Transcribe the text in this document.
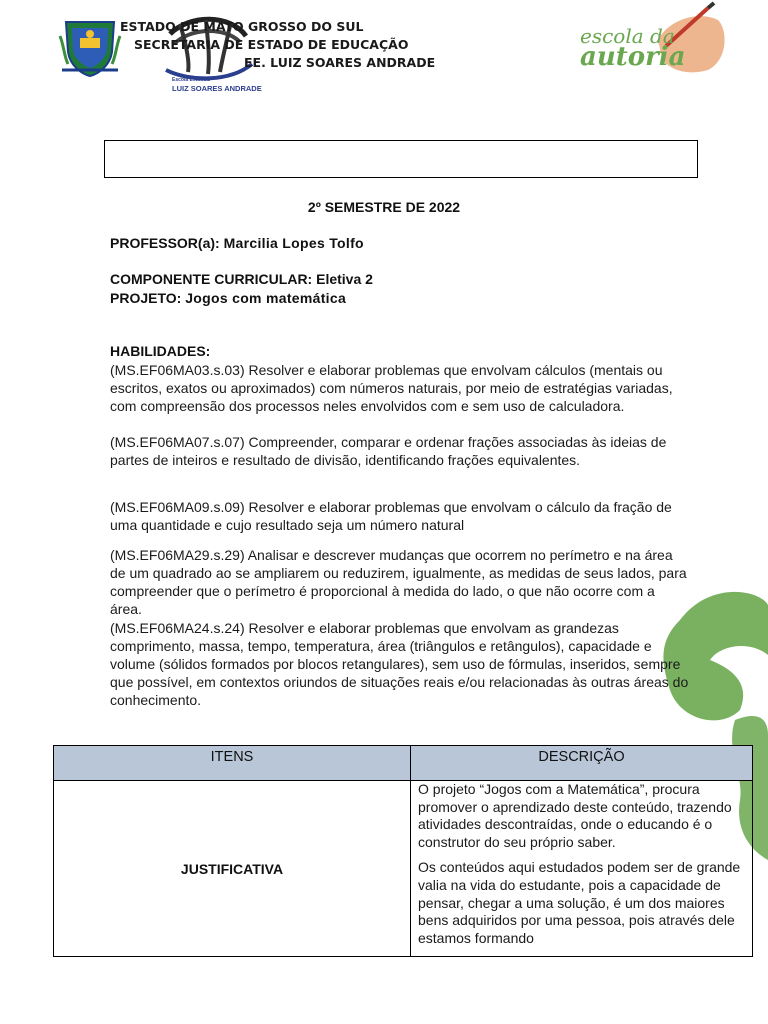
Escola Estadual
LUIZ SOARES ANDRADE
ESTADO DE MATO GROSSO DO SUL
SECRETARIA DE ESTADO DE EDUCAÇÃO
EE. LUIZ SOARES ANDRADE
escola da
autoria
2º SEMESTRE DE 2022
PROFESSOR(a): Marcilia Lopes Tolfo
COMPONENTE CURRICULAR: Eletiva 2
PROJETO: Jogos com matemática
HABILIDADES:
(MS.EF06MA03.s.03) Resolver e elaborar problemas que envolvam cálculos (mentais ou escritos, exatos ou aproximados) com números naturais, por meio de estratégias variadas, com compreensão dos processos neles envolvidos com e sem uso de calculadora.
(MS.EF06MA07.s.07) Compreender, comparar e ordenar frações associadas às ideias de partes de inteiros e resultado de divisão, identificando frações equivalentes.
(MS.EF06MA09.s.09) Resolver e elaborar problemas que envolvam o cálculo da fração de uma quantidade e cujo resultado seja um número natural
(MS.EF06MA29.s.29) Analisar e descrever mudanças que ocorrem no perímetro e na área de um quadrado ao se ampliarem ou reduzirem, igualmente, as medidas de seus lados, para compreender que o perímetro é proporcional à medida do lado, o que não ocorre com a área.
(MS.EF06MA24.s.24) Resolver e elaborar problemas que envolvam as grandezas comprimento, massa, tempo, temperatura, área (triângulos e retângulos), capacidade e volume (sólidos formados por blocos retangulares), sem uso de fórmulas, inseridos, sempre que possível, em contextos oriundos de situações reais e/ou relacionadas às outras áreas do conhecimento.
ITENS	DESCRIÇÃO
JUSTIFICATIVA	O projeto “Jogos com a Matemática”, procura promover o aprendizado deste conteúdo, trazendo atividades descontraídas, onde o educando é o construtor do seu próprio saber.

Os conteúdos aqui estudados podem ser de grande valia na vida do estudante, pois a capacidade de pensar, chegar a uma solução, é um dos maiores bens adquiridos por uma pessoa, pois através dele estamos formando
